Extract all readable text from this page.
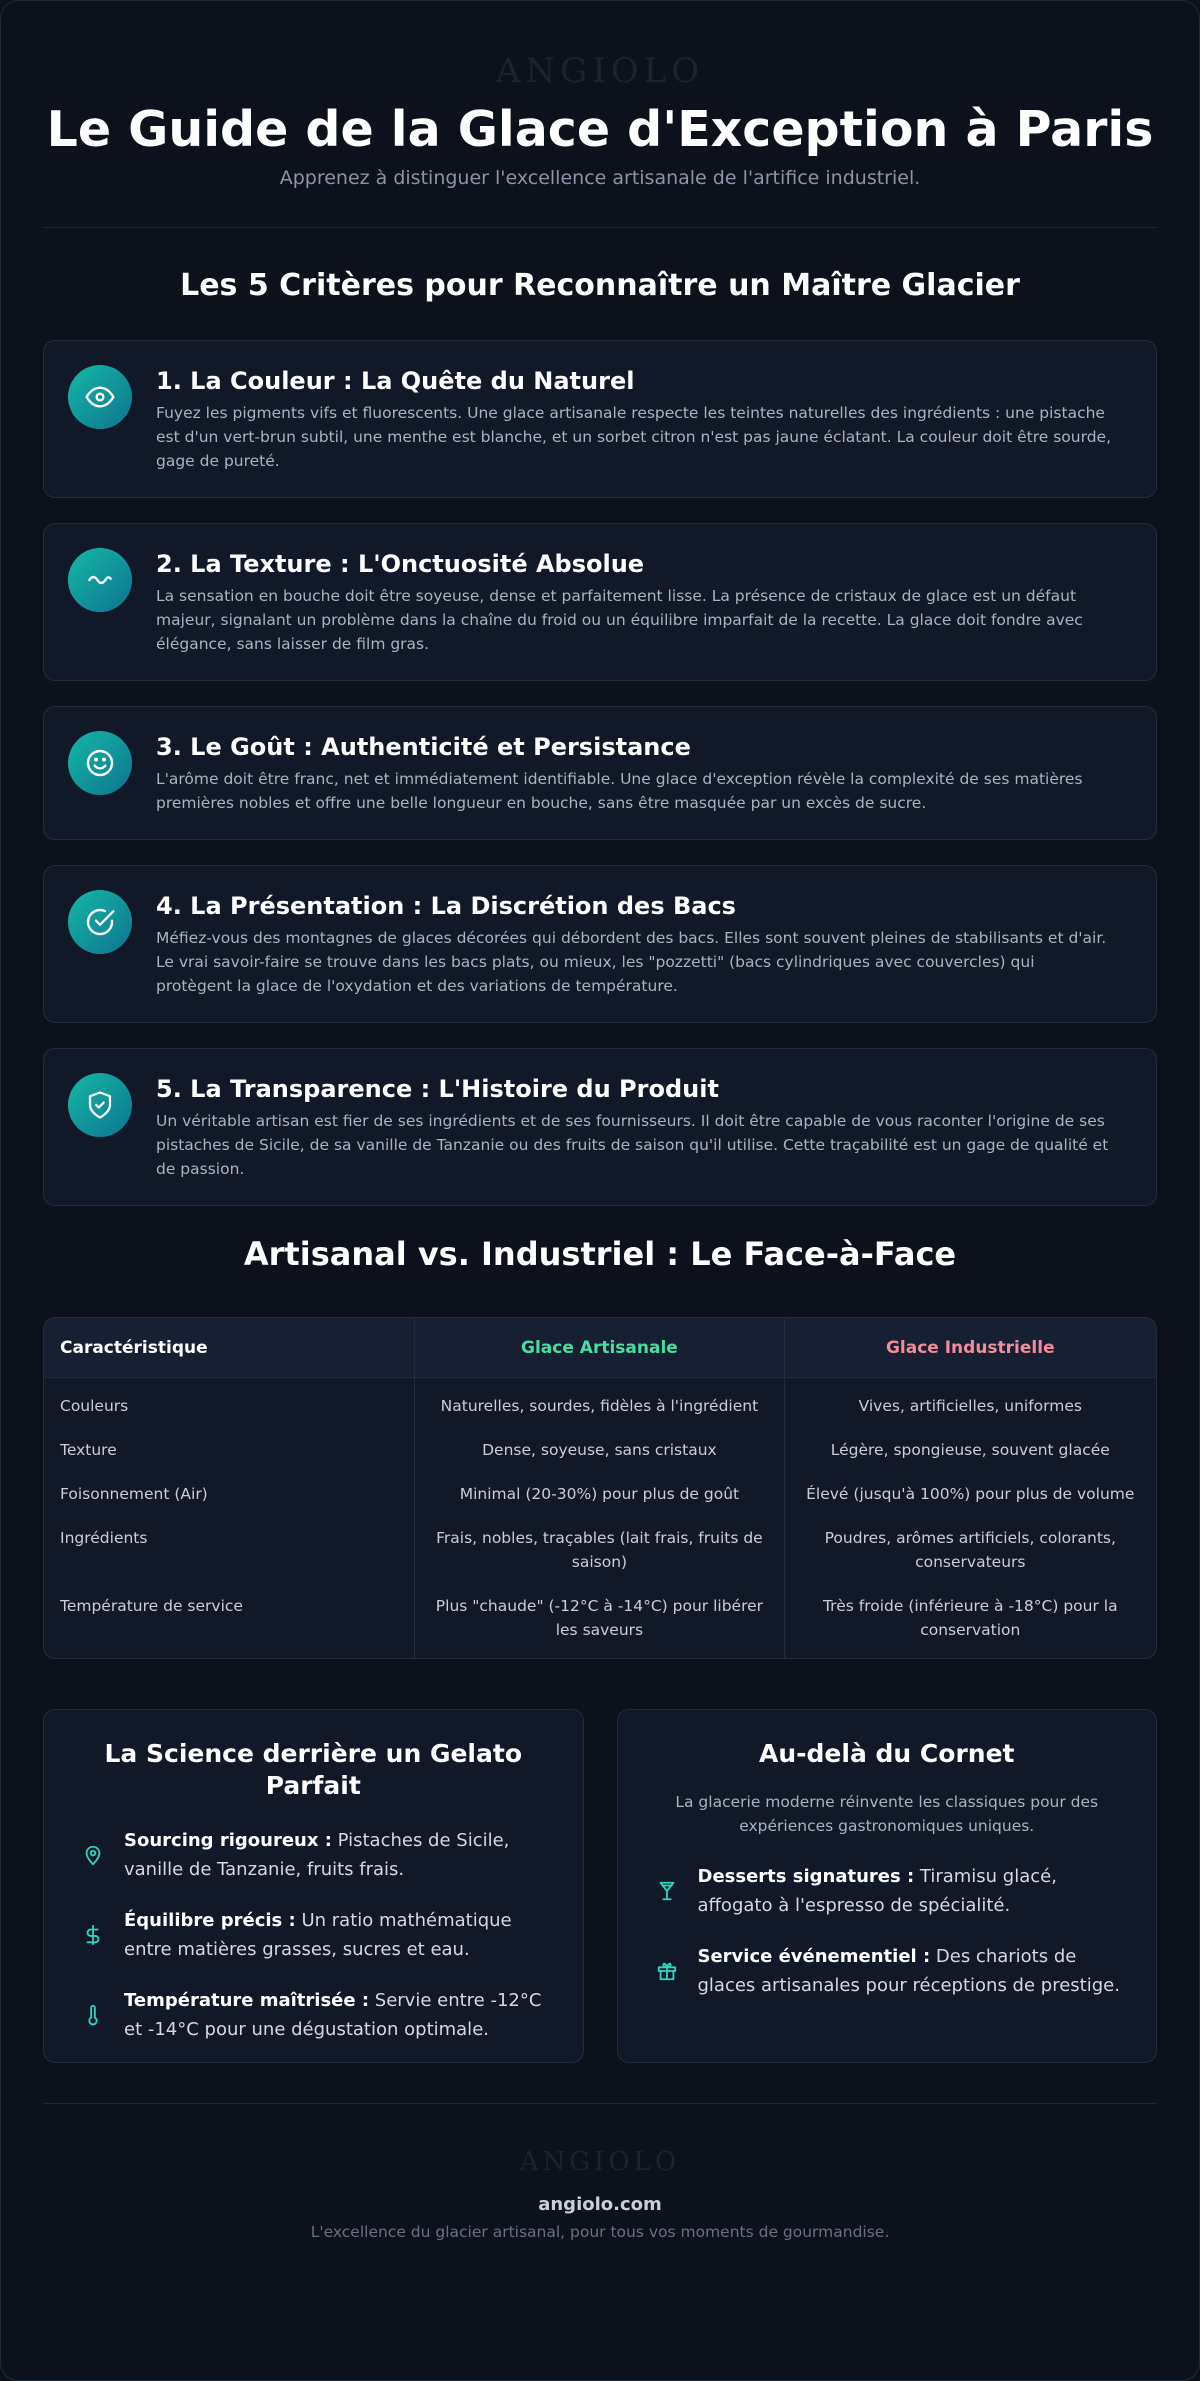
ANGIOLO
Le Guide de la Glace d'Exception à Paris
Apprenez à distinguer l'excellence artisanale de l'artifice industriel.
Les 5 Critères pour Reconnaître un Maître Glacier
1. La Couleur : La Quête du Naturel

Fuyez les pigments vifs et fluorescents. Une glace artisanale respecte les teintes naturelles des ingrédients : une pistache est d'un vert-brun subtil, une menthe est blanche, et un sorbet citron n'est pas jaune éclatant. La couleur doit être sourde, gage de pureté.

2. La Texture : L'Onctuosité Absolue

La sensation en bouche doit être soyeuse, dense et parfaitement lisse. La présence de cristaux de glace est un défaut majeur, signalant un problème dans la chaîne du froid ou un équilibre imparfait de la recette. La glace doit fondre avec élégance, sans laisser de film gras.

3. Le Goût : Authenticité et Persistance

L'arôme doit être franc, net et immédiatement identifiable. Une glace d'exception révèle la complexité de ses matières premières nobles et offre une belle longueur en bouche, sans être masquée par un excès de sucre.

4. La Présentation : La Discrétion des Bacs

Méfiez-vous des montagnes de glaces décorées qui débordent des bacs. Elles sont souvent pleines de stabilisants et d'air. Le vrai savoir-faire se trouve dans les bacs plats, ou mieux, les "pozzetti" (bacs cylindriques avec couvercles) qui protègent la glace de l'oxydation et des variations de température.

5. La Transparence : L'Histoire du Produit

Un véritable artisan est fier de ses ingrédients et de ses fournisseurs. Il doit être capable de vous raconter l'origine de ses pistaches de Sicile, de sa vanille de Tanzanie ou des fruits de saison qu'il utilise. Cette traçabilité est un gage de qualité et de passion.

Artisanal vs. Industriel : Le Face-à-Face
Caractéristique	Glace Artisanale	Glace Industrielle
Couleurs	Naturelles, sourdes, fidèles à l'ingrédient	Vives, artificielles, uniformes
Texture	Dense, soyeuse, sans cristaux	Légère, spongieuse, souvent glacée
Foisonnement (Air)	Minimal (20-30%) pour plus de goût	Élevé (jusqu'à 100%) pour plus de volume
Ingrédients	Frais, nobles, traçables (lait frais, fruits de saison)	Poudres, arômes artificiels, colorants, conservateurs
Température de service	Plus "chaude" (-12°C à -14°C) pour libérer les saveurs	Très froide (inférieure à -18°C) pour la conservation
La Science derrière un Gelato Parfait
Sourcing rigoureux : Pistaches de Sicile, vanille de Tanzanie, fruits frais.
Équilibre précis : Un ratio mathématique entre matières grasses, sucres et eau.
Température maîtrisée : Servie entre -12°C et -14°C pour une dégustation optimale.
Au-delà du Cornet
La glacerie moderne réinvente les classiques pour des expériences gastronomiques uniques.
Desserts signatures : Tiramisu glacé, affogato à l'espresso de spécialité.
Service événementiel : Des chariots de glaces artisanales pour réceptions de prestige.
ANGIOLO
angiolo.com
L'excellence du glacier artisanal, pour tous vos moments de gourmandise.
